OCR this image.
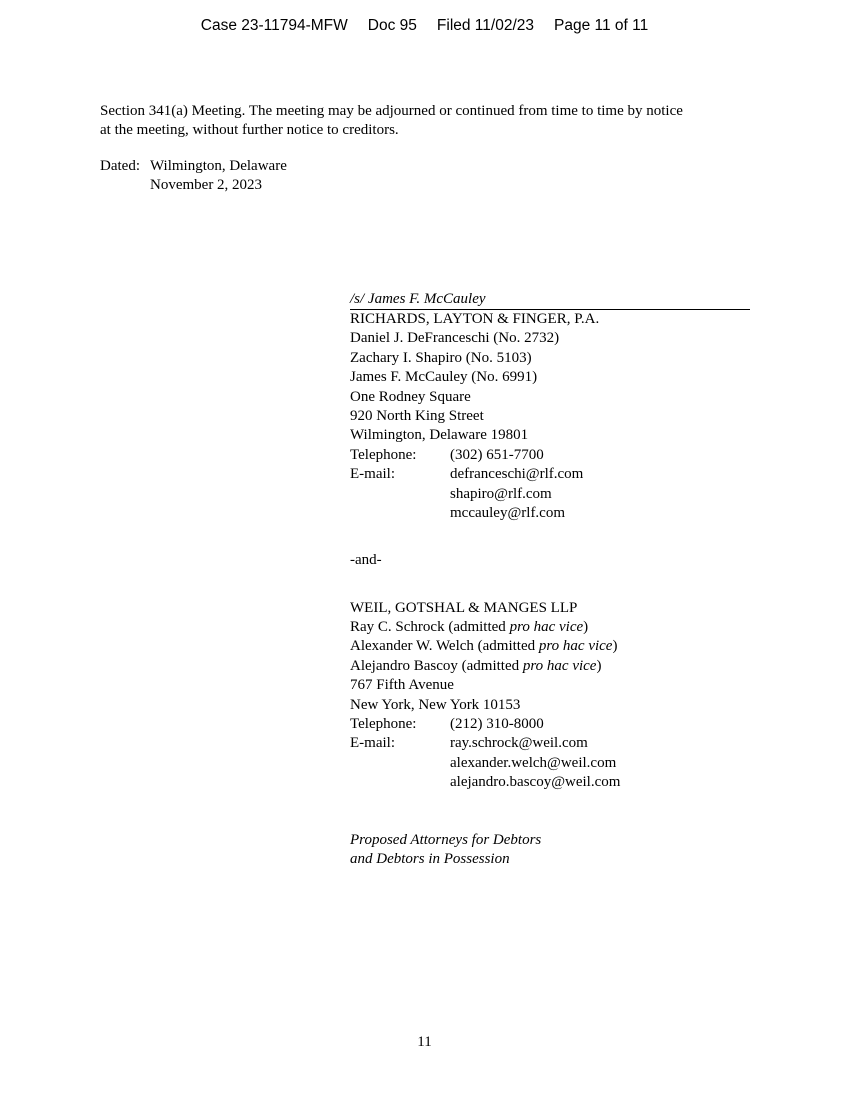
Case 23-11794-MFW Doc 95 Filed 11/02/23 Page 11 of 11
Section 341(a) Meeting. The meeting may be adjourned or continued from time to time by notice
at the meeting, without further notice to creditors.
Dated: Wilmington, Delaware
November 2, 2023
/s/ James F. McCauley
RICHARDS, LAYTON & FINGER, P.A.
Daniel J. DeFranceschi (No. 2732)
Zachary I. Shapiro (No. 5103)
James F. McCauley (No. 6991)
One Rodney Square
920 North King Street
Wilmington, Delaware 19801
Telephone:	(302) 651-7700
E-mail:	defranceschi@rlf.com
shapiro@rlf.com
mccauley@rlf.com
-and-
WEIL, GOTSHAL & MANGES LLP
Ray C. Schrock (admitted pro hac vice)
Alexander W. Welch (admitted pro hac vice)
Alejandro Bascoy (admitted pro hac vice)
767 Fifth Avenue
New York, New York 10153
Telephone:	(212) 310-8000
E-mail:	ray.schrock@weil.com
alexander.welch@weil.com
alejandro.bascoy@weil.com
Proposed Attorneys for Debtors
and Debtors in Possession
11
